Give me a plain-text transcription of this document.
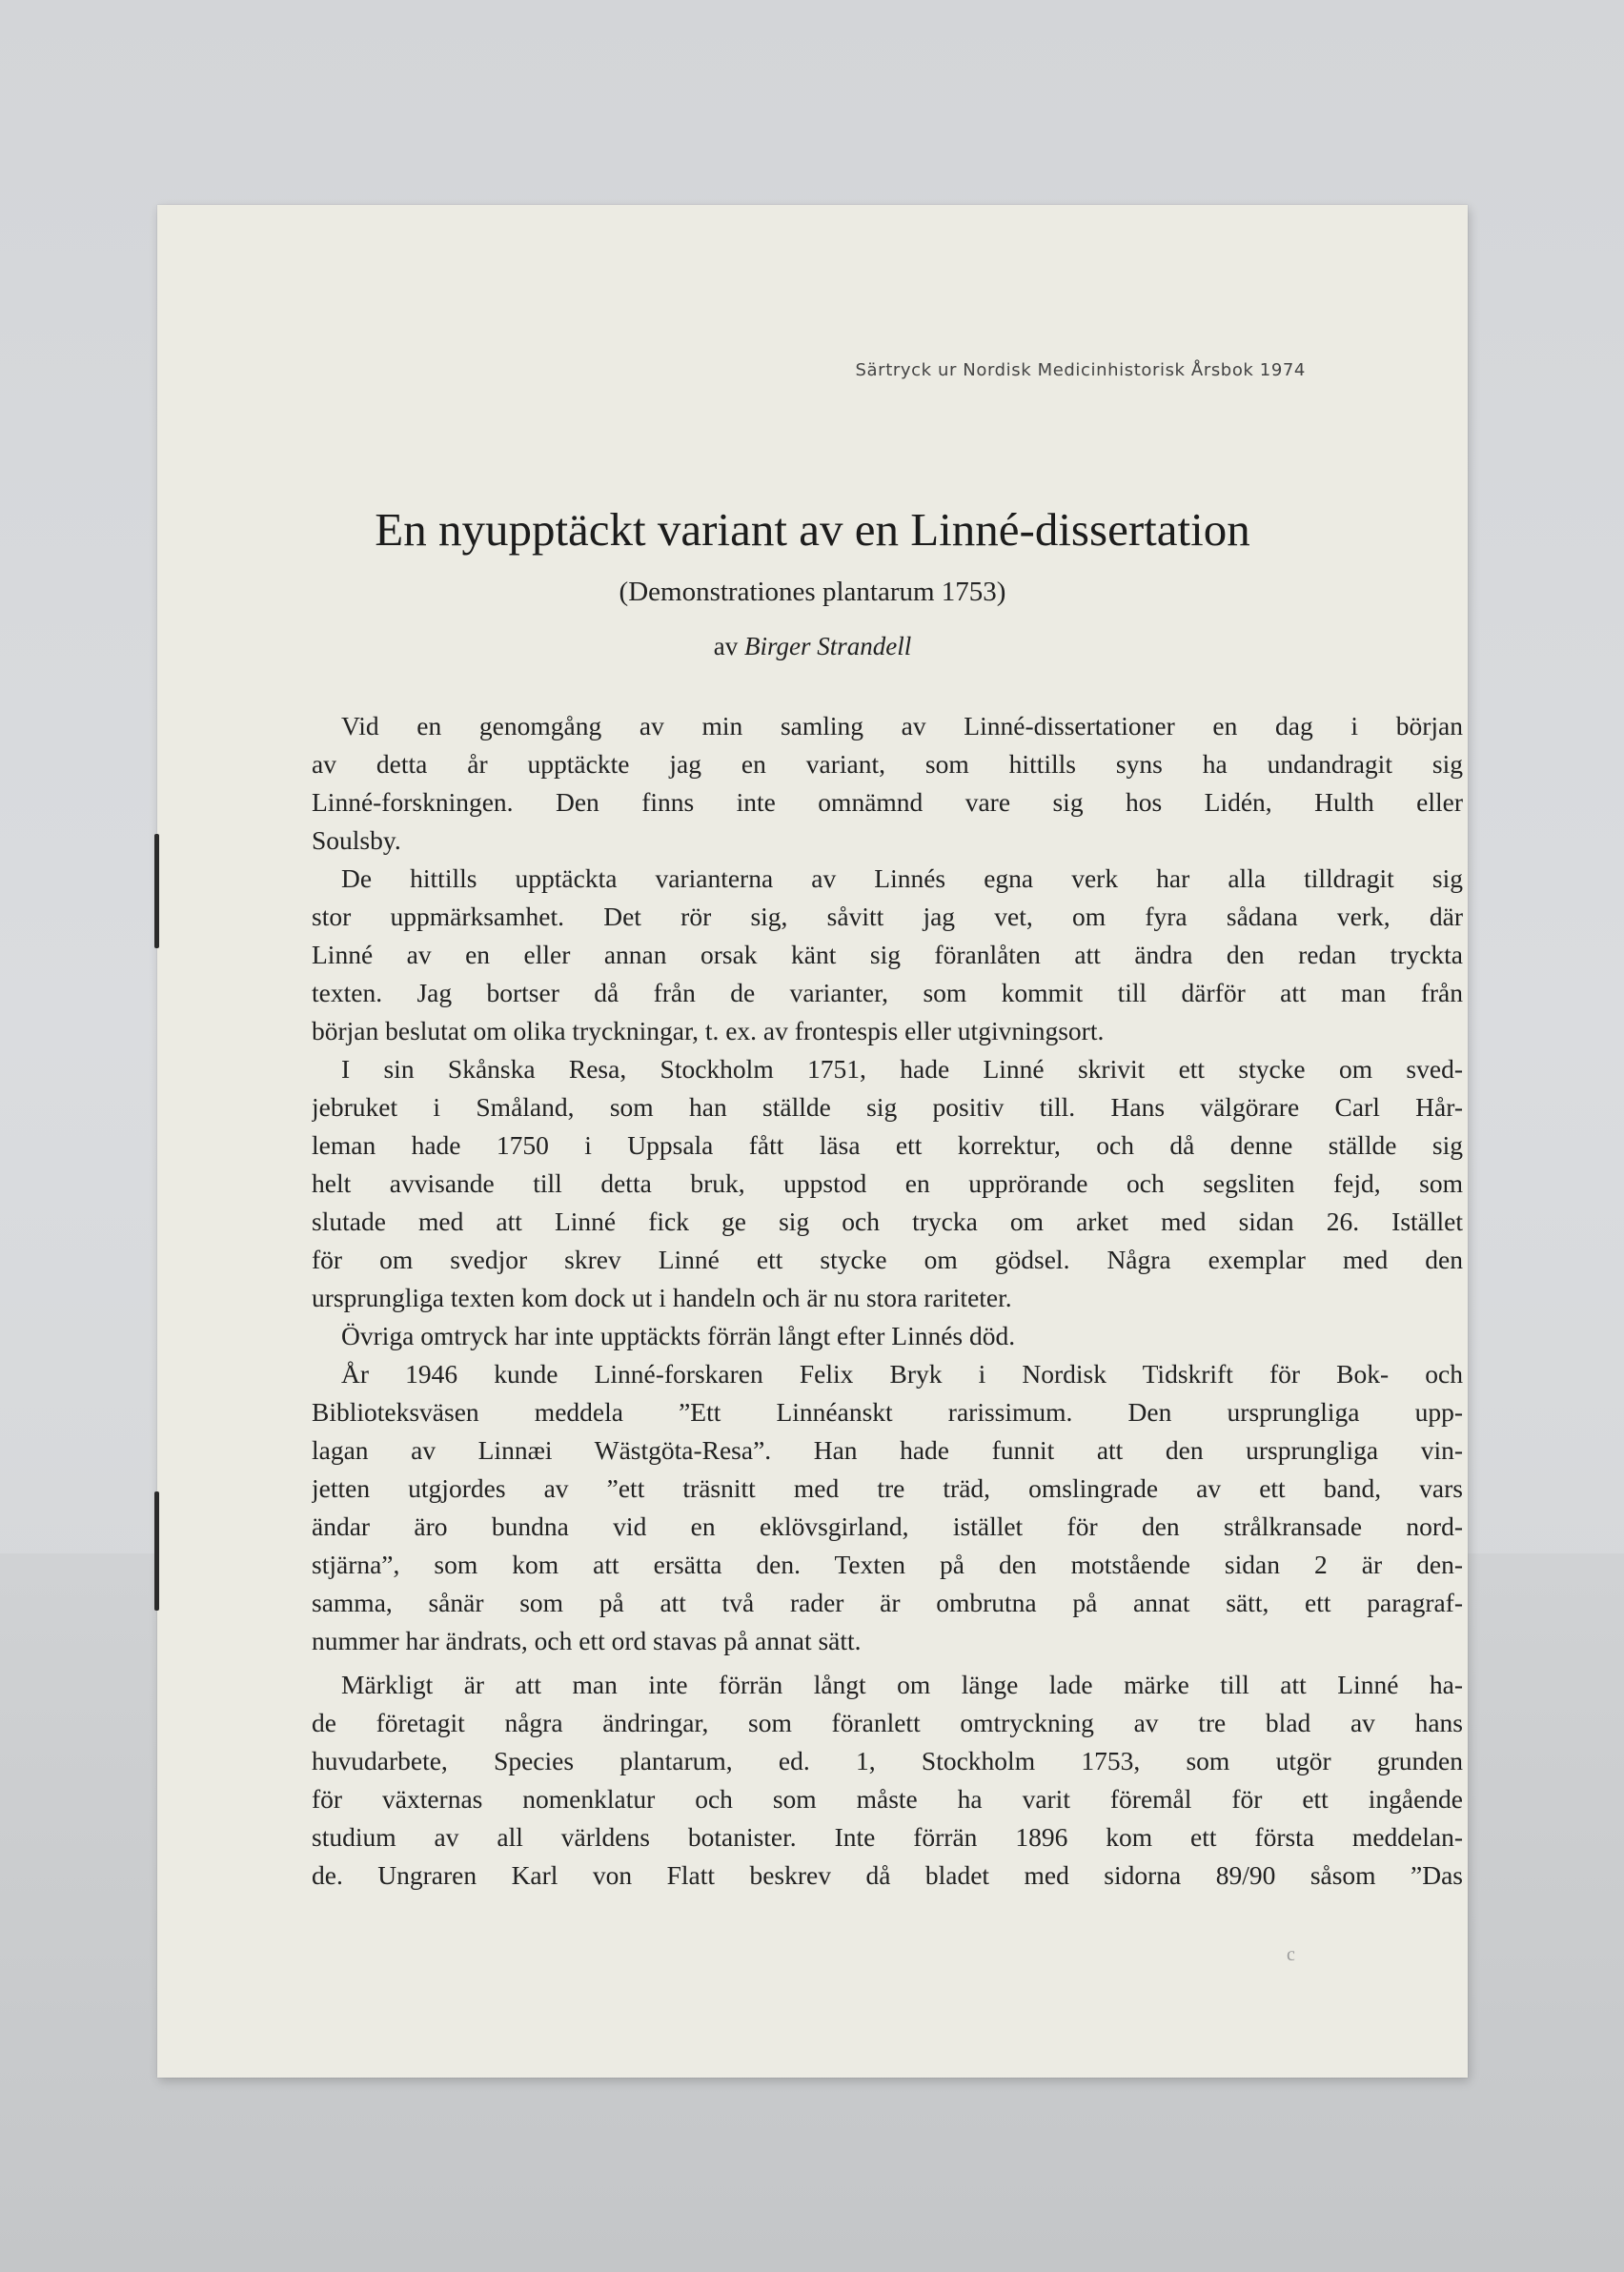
Särtryck ur Nordisk Medicinhistorisk Årsbok 1974
En nyupptäckt variant av en Linné-dissertation
(Demonstrationes plantarum 1753)
av Birger Strandell
Vid en genomgång av min samling av Linné-dissertationer en dag i början
av detta år upptäckte jag en variant, som hittills syns ha undandragit sig
Linné-forskningen. Den finns inte omnämnd vare sig hos Lidén, Hulth eller
Soulsby.
De hittills upptäckta varianterna av Linnés egna verk har alla tilldragit sig
stor uppmärksamhet. Det rör sig, såvitt jag vet, om fyra sådana verk, där
Linné av en eller annan orsak känt sig föranlåten att ändra den redan tryckta
texten. Jag bortser då från de varianter, som kommit till därför att man från
början beslutat om olika tryckningar, t. ex. av frontespis eller utgivningsort.
I sin Skånska Resa, Stockholm 1751, hade Linné skrivit ett stycke om sved-
jebruket i Småland, som han ställde sig positiv till. Hans välgörare Carl Hår-
leman hade 1750 i Uppsala fått läsa ett korrektur, och då denne ställde sig
helt avvisande till detta bruk, uppstod en upprörande och segsliten fejd, som
slutade med att Linné fick ge sig och trycka om arket med sidan 26. Istället
för om svedjor skrev Linné ett stycke om gödsel. Några exemplar med den
ursprungliga texten kom dock ut i handeln och är nu stora rariteter.
Övriga omtryck har inte upptäckts förrän långt efter Linnés död.
År 1946 kunde Linné-forskaren Felix Bryk i Nordisk Tidskrift för Bok- och
Biblioteksväsen meddela ”Ett Linnéanskt rarissimum. Den ursprungliga upp-
lagan av Linnæi Wästgöta-Resa”. Han hade funnit att den ursprungliga vin-
jetten utgjordes av ”ett träsnitt med tre träd, omslingrade av ett band, vars
ändar äro bundna vid en eklövsgirland, istället för den strålkransade nord-
stjärna”, som kom att ersätta den. Texten på den motstående sidan 2 är den-
samma, sånär som på att två rader är ombrutna på annat sätt, ett paragraf-
nummer har ändrats, och ett ord stavas på annat sätt.
Märkligt är att man inte förrän långt om länge lade märke till att Linné ha-
de företagit några ändringar, som föranlett omtryckning av tre blad av hans
huvudarbete, Species plantarum, ed. 1, Stockholm 1753, som utgör grunden
för växternas nomenklatur och som måste ha varit föremål för ett ingående
studium av all världens botanister. Inte förrän 1896 kom ett första meddelan-
de. Ungraren Karl von Flatt beskrev då bladet med sidorna 89/90 såsom ”Das
c
